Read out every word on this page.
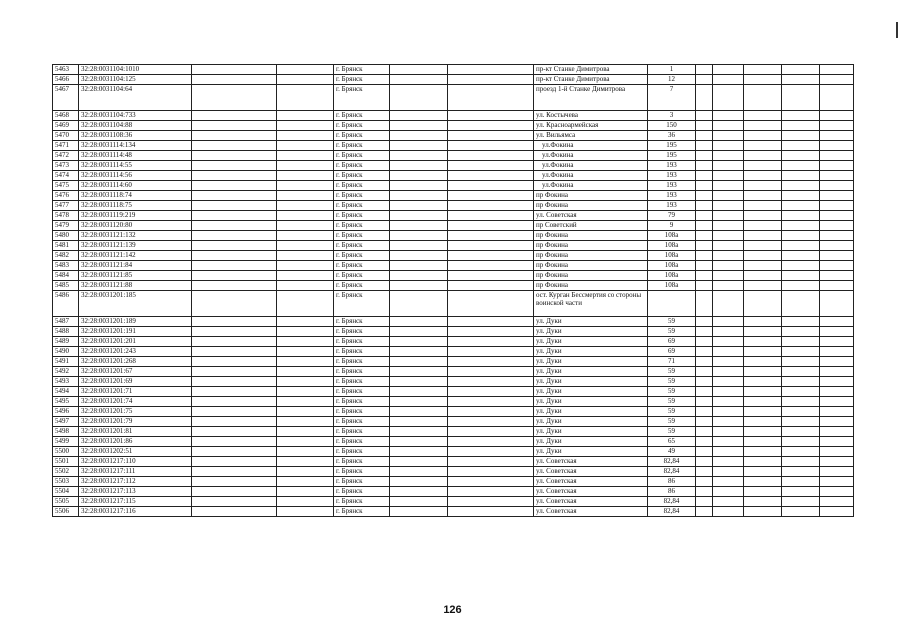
5463	32:28:0031104:1010			г. Брянск			пр-кт Станке Димитрова	1					
5466	32:28:0031104:125			г. Брянск			пр-кт Станке Димитрова	12					
5467	32:28:0031104:64			г. Брянск			проезд 1-й Станке Димитрова	7					
5468	32:28:0031104:733			г. Брянск			ул. Костычева	3					
5469	32:28:0031104:88			г. Брянск			ул. Красноармейская	150					
5470	32:28:0031108:36			г. Брянск			ул. Вильямса	36					
5471	32:28:0031114:134			г. Брянск			ул.Фокина	195					
5472	32:28:0031114:48			г. Брянск			ул.Фокина	195					
5473	32:28:0031114:55			г. Брянск			ул.Фокина	193					
5474	32:28:0031114:56			г. Брянск			ул.Фокина	193					
5475	32:28:0031114:60			г. Брянск			ул.Фокина	193					
5476	32:28:0031118:74			г. Брянск			пр Фокина	193					
5477	32:28:0031118:75			г. Брянск			пр Фокина	193					
5478	32:28:0031119:219			г. Брянск			ул. Советская	79					
5479	32:28:0031120:80			г. Брянск			пр Советский	9					
5480	32:28:0031121:132			г. Брянск			пр Фокина	108а					
5481	32:28:0031121:139			г. Брянск			пр Фокина	108а					
5482	32:28:0031121:142			г. Брянск			пр Фокина	108а					
5483	32:28:0031121:84			г. Брянск			пр Фокина	108а					
5484	32:28:0031121:85			г. Брянск			пр Фокина	108а					
5485	32:28:0031121:88			г. Брянск			пр Фокина	108а					
5486	32:28:0031201:185			г. Брянск			ост. Курган Бессмертия со стороны воинской части						
5487	32:28:0031201:189			г. Брянск			ул. Дуки	59					
5488	32:28:0031201:191			г. Брянск			ул. Дуки	59					
5489	32:28:0031201:201			г. Брянск			ул. Дуки	69					
5490	32:28:0031201:243			г. Брянск			ул. Дуки	69					
5491	32:28:0031201:268			г. Брянск			ул. Дуки	71					
5492	32:28:0031201:67			г. Брянск			ул. Дуки	59					
5493	32:28:0031201:69			г. Брянск			ул. Дуки	59					
5494	32:28:0031201:71			г. Брянск			ул. Дуки	59					
5495	32:28:0031201:74			г. Брянск			ул. Дуки	59					
5496	32:28:0031201:75			г. Брянск			ул. Дуки	59					
5497	32:28:0031201:79			г. Брянск			ул. Дуки	59					
5498	32:28:0031201:81			г. Брянск			ул. Дуки	59					
5499	32:28:0031201:86			г. Брянск			ул. Дуки	65					
5500	32:28:0031202:51			г. Брянск			ул. Дуки	49					
5501	32:28:0031217:110			г. Брянск			ул. Советская	82,84					
5502	32:28:0031217:111			г. Брянск			ул. Советская	82,84					
5503	32:28:0031217:112			г. Брянск			ул. Советская	86					
5504	32:28:0031217:113			г. Брянск			ул. Советская	86					
5505	32:28:0031217:115			г. Брянск			ул. Советская	82,84					
5506	32:28:0031217:116			г. Брянск			ул. Советская	82,84					
126
